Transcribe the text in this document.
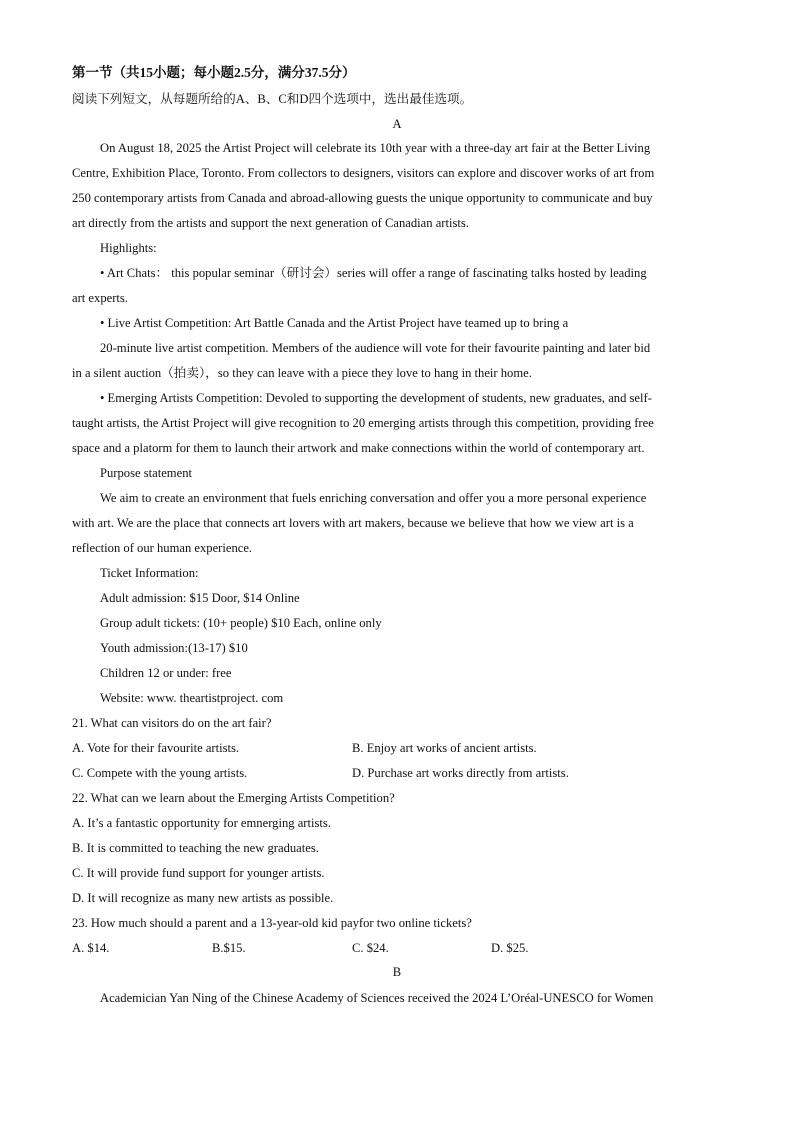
第一节（共15小题；每小题2.5分，满分37.5分）
阅读下列短文，从每题所给的A、B、C和D四个选项中，选出最佳选项。
A
On August 18, 2025 the Artist Project will celebrate its 10th year with a three-day art fair at the Better Living
Centre, Exhibition Place, Toronto. From collectors to designers, visitors can explore and discover works of art from
250 contemporary artists from Canada and abroad-allowing guests the unique opportunity to communicate and buy
art directly from the artists and support the next generation of Canadian artists.
Highlights:
• Art Chats： this popular seminar（研讨会）series will offer a range of fascinating talks hosted by leading
art experts.
• Live Artist Competition: Art Battle Canada and the Artist Project have teamed up to bring a
20-minute live artist competition. Members of the audience will vote for their favourite painting and later bid
in a silent auction（拍卖），so they can leave with a piece they love to hang in their home.
• Emerging Artists Competition: Devoled to supporting the development of students, new graduates, and self-
taught artists, the Artist Project will give recognition to 20 emerging artists through this competition, providing free
space and a platorm for them to launch their artwork and make connections within the world of contemporary art.
Purpose statement
We aim to create an environment that fuels enriching conversation and offer you a more personal experience
with art. We are the place that connects art lovers with art makers, because we believe that how we view art is a
reflection of our human experience.
Ticket Information:
Adult admission: $15 Door, $14 Online
Group adult tickets: (10+ people) $10 Each, online only
Youth admission:(13-17) $10
Children 12 or under: free
Website: www. theartistproject. com
21. What can visitors do on the art fair?
A. Vote for their favourite artists.	B. Enjoy art works of ancient artists.
C. Compete with the young artists.	D. Purchase art works directly from artists.
22. What can we learn about the Emerging Artists Competition?
A. It’s a fantastic opportunity for emnerging artists.
B. It is committed to teaching the new graduates.
C. It will provide fund support for younger artists.
D. It will recognize as many new artists as possible.
23. How much should a parent and a 13-year-old kid payfor two online tickets?
A. $14.	B.$15.	C. $24.	D. $25.
B
Academician Yan Ning of the Chinese Academy of Sciences received the 2024 L’Oréal-UNESCO for Women
